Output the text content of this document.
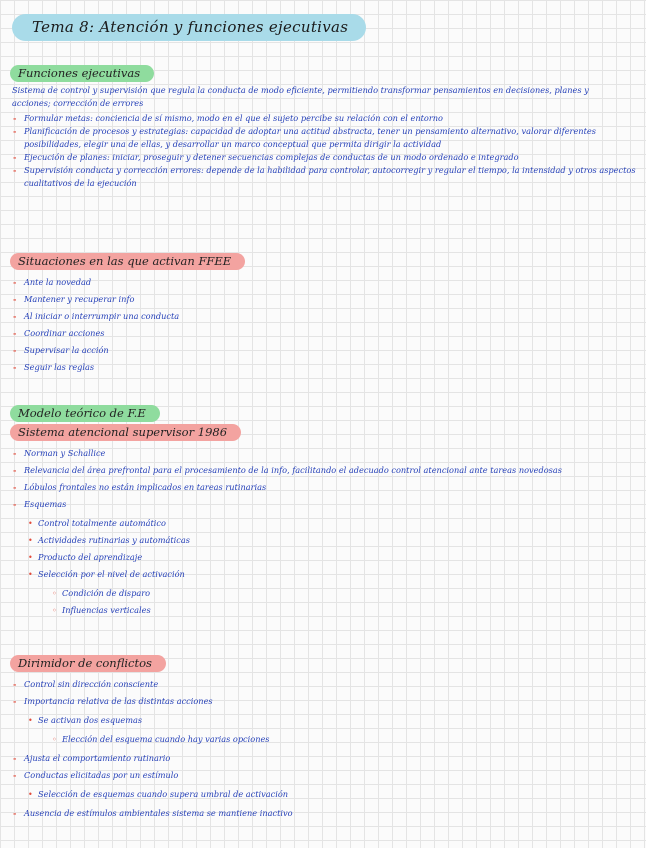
Tema 8: Atención y funciones ejecutivas
Funciones ejecutivas

Sistema de control y supervisión que regula la conducta de modo eficiente, permitiendo transformar pensamientos en decisiones, planes y acciones; corrección de errores

- Formular metas: conciencia de sí mismo, modo en el que el sujeto percibe su relación con el entorno
- Planificación de procesos y estrategias: capacidad de adoptar una actitud abstracta, tener un pensamiento alternativo, valorar diferentes posibilidades, elegir una de ellas, y desarrollar un marco conceptual que permita dirigir la actividad
- Ejecución de planes: iniciar, proseguir y detener secuencias complejas de conductas de un modo ordenado e integrado
- Supervisión conducta y corrección errores: depende de la habilidad para controlar, autocorregir y regular el tiempo, la intensidad y otros aspectos cualitativos de la ejecución
Situaciones en las que activan FFEE
- Ante la novedad
- Mantener y recuperar info
- Al iniciar o interrumpir una conducta
- Coordinar acciones
- Supervisar la acción
- Seguir las reglas
Modelo teórico de F.E
Sistema atencional supervisor 1986
- Norman y Schallice
- Relevancia del área prefrontal para el procesamiento de la info, facilitando el adecuado control atencional ante tareas novedosas
- Lóbulos frontales no están implicados en tareas rutinarias
- Esquemas
• Control totalmente automático
• Actividades rutinarias y automáticas
• Producto del aprendizaje
• Selección por el nivel de activación
◦ Condición de disparo
◦ Influencias verticales
Dirimidor de conflictos
- Control sin dirección consciente
- Importancia relativa de las distintas acciones
• Se activan dos esquemas
◦ Elección del esquema cuando hay varias opciones
- Ajusta el comportamiento rutinario
- Conductas elicitadas por un estímulo
• Selección de esquemas cuando supera umbral de activación
- Ausencia de estímulos ambientales sistema se mantiene inactivo
